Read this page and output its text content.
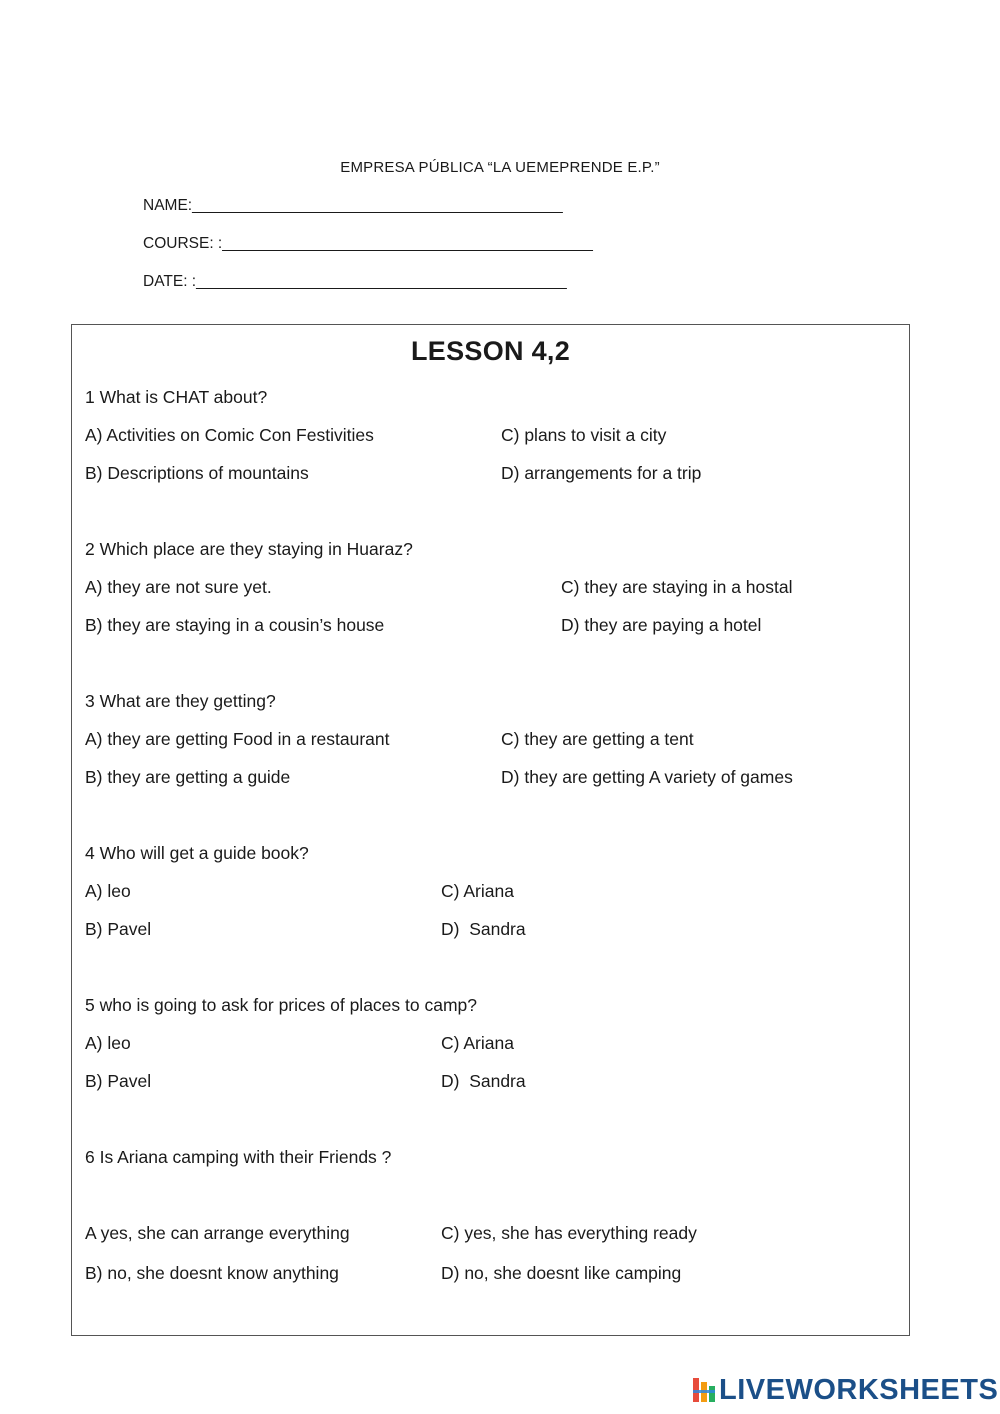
EMPRESA PÚBLICA “LA UEMEPRENDE E.P.”
NAME:___________________________________________
COURSE: :___________________________________________
DATE: :___________________________________________
LESSON 4,2
1 What is CHAT about?
A) Activities on Comic Con Festivities
B) Descriptions of mountains
C) plans to visit a city
D) arrangements for a trip
2 Which place are they staying in Huaraz?
A) they are not sure yet.
B) they are staying in a cousin’s house
C) they are staying in a hostal
D) they are paying a hotel
3 What are they getting?
A) they are getting Food in a restaurant
B) they are getting a guide
C) they are getting a tent
D) they are getting A variety of games
4 Who will get a guide book?
A) leo
B) Pavel
C) Ariana
D)  Sandra
5 who is going to ask for prices of places to camp?
A) leo
B) Pavel
C) Ariana
D)  Sandra
6 Is Ariana camping with their Friends ?
A yes, she can arrange everything
B) no, she doesnt know anything
C) yes, she has everything ready
D) no, she doesnt like camping
LIVEWORKSHEETS
